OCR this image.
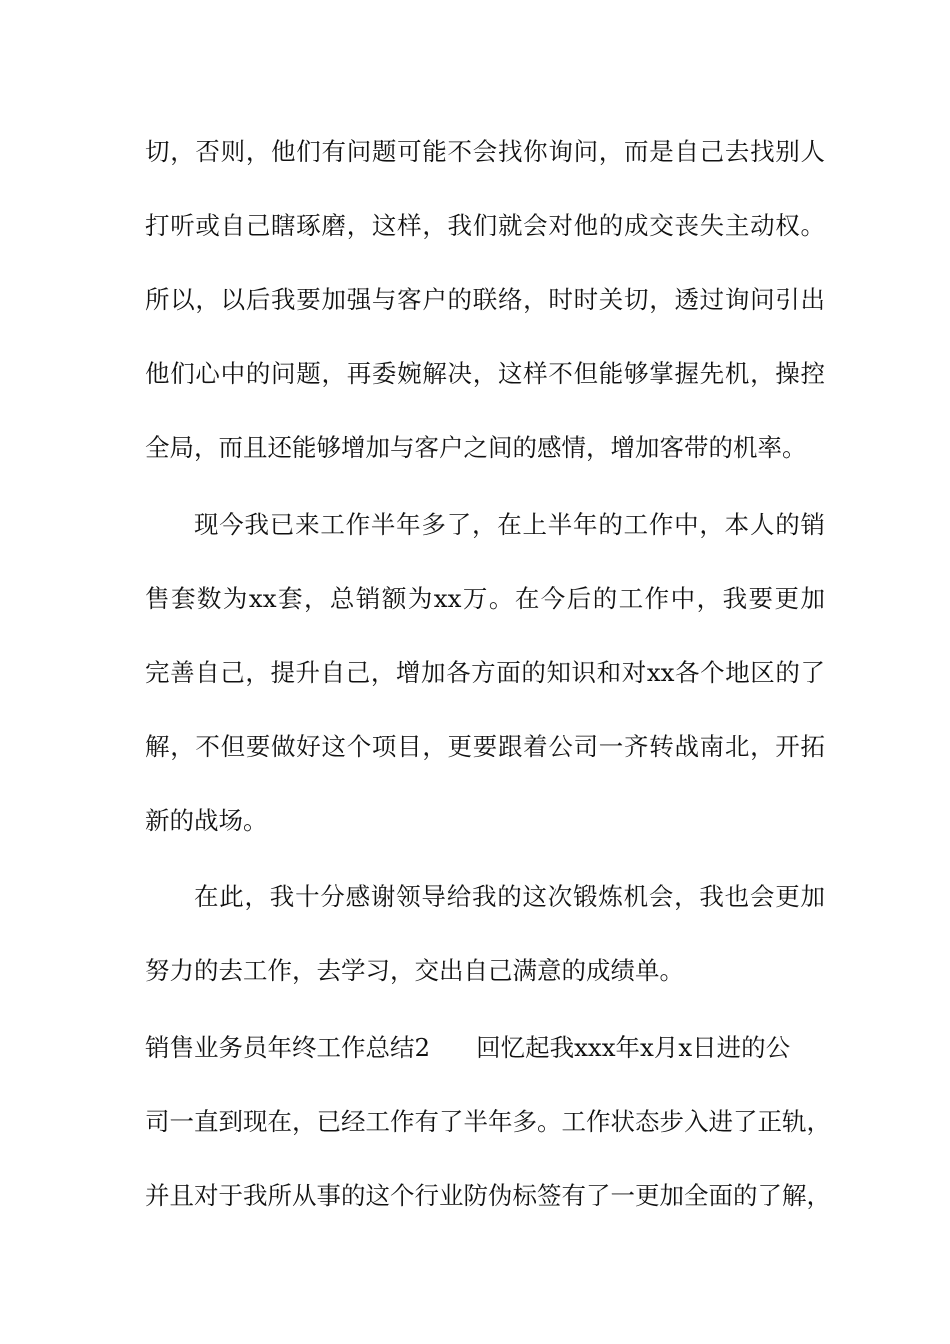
切，否则，他们有问题可能不会找你询问，而是自己去找别人
打听或自己瞎琢磨，这样，我们就会对他的成交丧失主动权。
所以，以后我要加强与客户的联络，时时关切，透过询问引出
他们心中的问题，再委婉解决，这样不但能够掌握先机，操控
全局，而且还能够增加与客户之间的感情，增加客带的机率。
现今我已来工作半年多了，在上半年的工作中，本人的销
售套数为xx套，总销额为xx万。在今后的工作中，我要更加
完善自己，提升自己，增加各方面的知识和对xx各个地区的了
解，不但要做好这个项目，更要跟着公司一齐转战南北，开拓
新的战场。
在此，我十分感谢领导给我的这次锻炼机会，我也会更加
努力的去工作，去学习，交出自己满意的成绩单。
销售业务员年终工作总结2 回忆起我xxx年x月x日进的公
司一直到现在，已经工作有了半年多。工作状态步入进了正轨，
并且对于我所从事的这个行业防伪标签有了一更加全面的了解，
